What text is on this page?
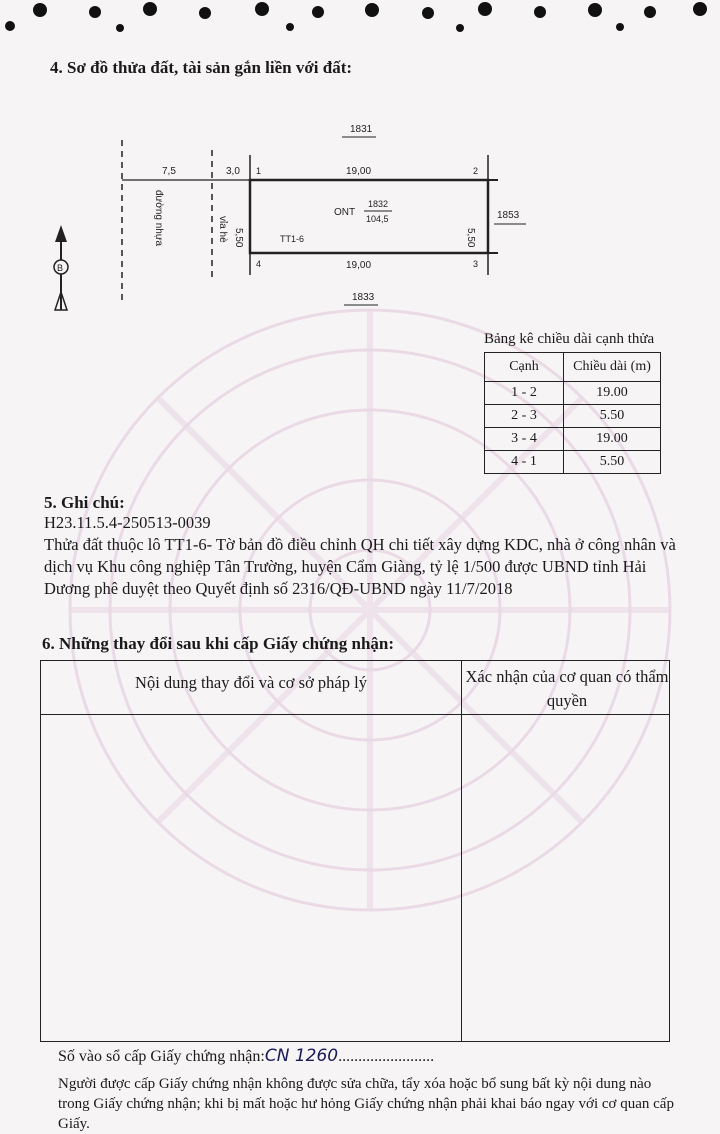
4. Sơ đồ thửa đất, tài sản gắn liền với đất:
1831
1833
1853
7,5	3,0	19,00
19,00
5,50	5,50
đường nhựa	vỉa hè
ONT
1832
104,5
TT1-6
1	2
3
4
B
Bảng kê chiều dài cạnh thửa
Cạnh	Chiều dài (m)
1 - 2	19.00
2 - 3	5.50
3 - 4	19.00
4 - 1	5.50
5. Ghi chú:
H23.11.5.4-250513-0039
Thửa đất thuộc lô TT1-6- Tờ bản đồ điều chỉnh QH chi tiết xây dựng KDC, nhà ở công nhân và dịch vụ Khu công nghiệp Tân Trường, huyện Cẩm Giàng, tỷ lệ 1/500 được UBND tỉnh Hải Dương phê duyệt theo Quyết định số 2316/QĐ-UBND ngày 11/7/2018
6. Những thay đổi sau khi cấp Giấy chứng nhận:
Nội dung thay đổi và cơ sở pháp lý	Xác nhận của cơ quan có thẩm quyền
Số vào sổ cấp Giấy chứng nhận:CN 1260........................
Người được cấp Giấy chứng nhận không được sửa chữa, tẩy xóa hoặc bổ sung bất kỳ nội dung nào trong Giấy chứng nhận; khi bị mất hoặc hư hỏng Giấy chứng nhận phải khai báo ngay với cơ quan cấp Giấy.
